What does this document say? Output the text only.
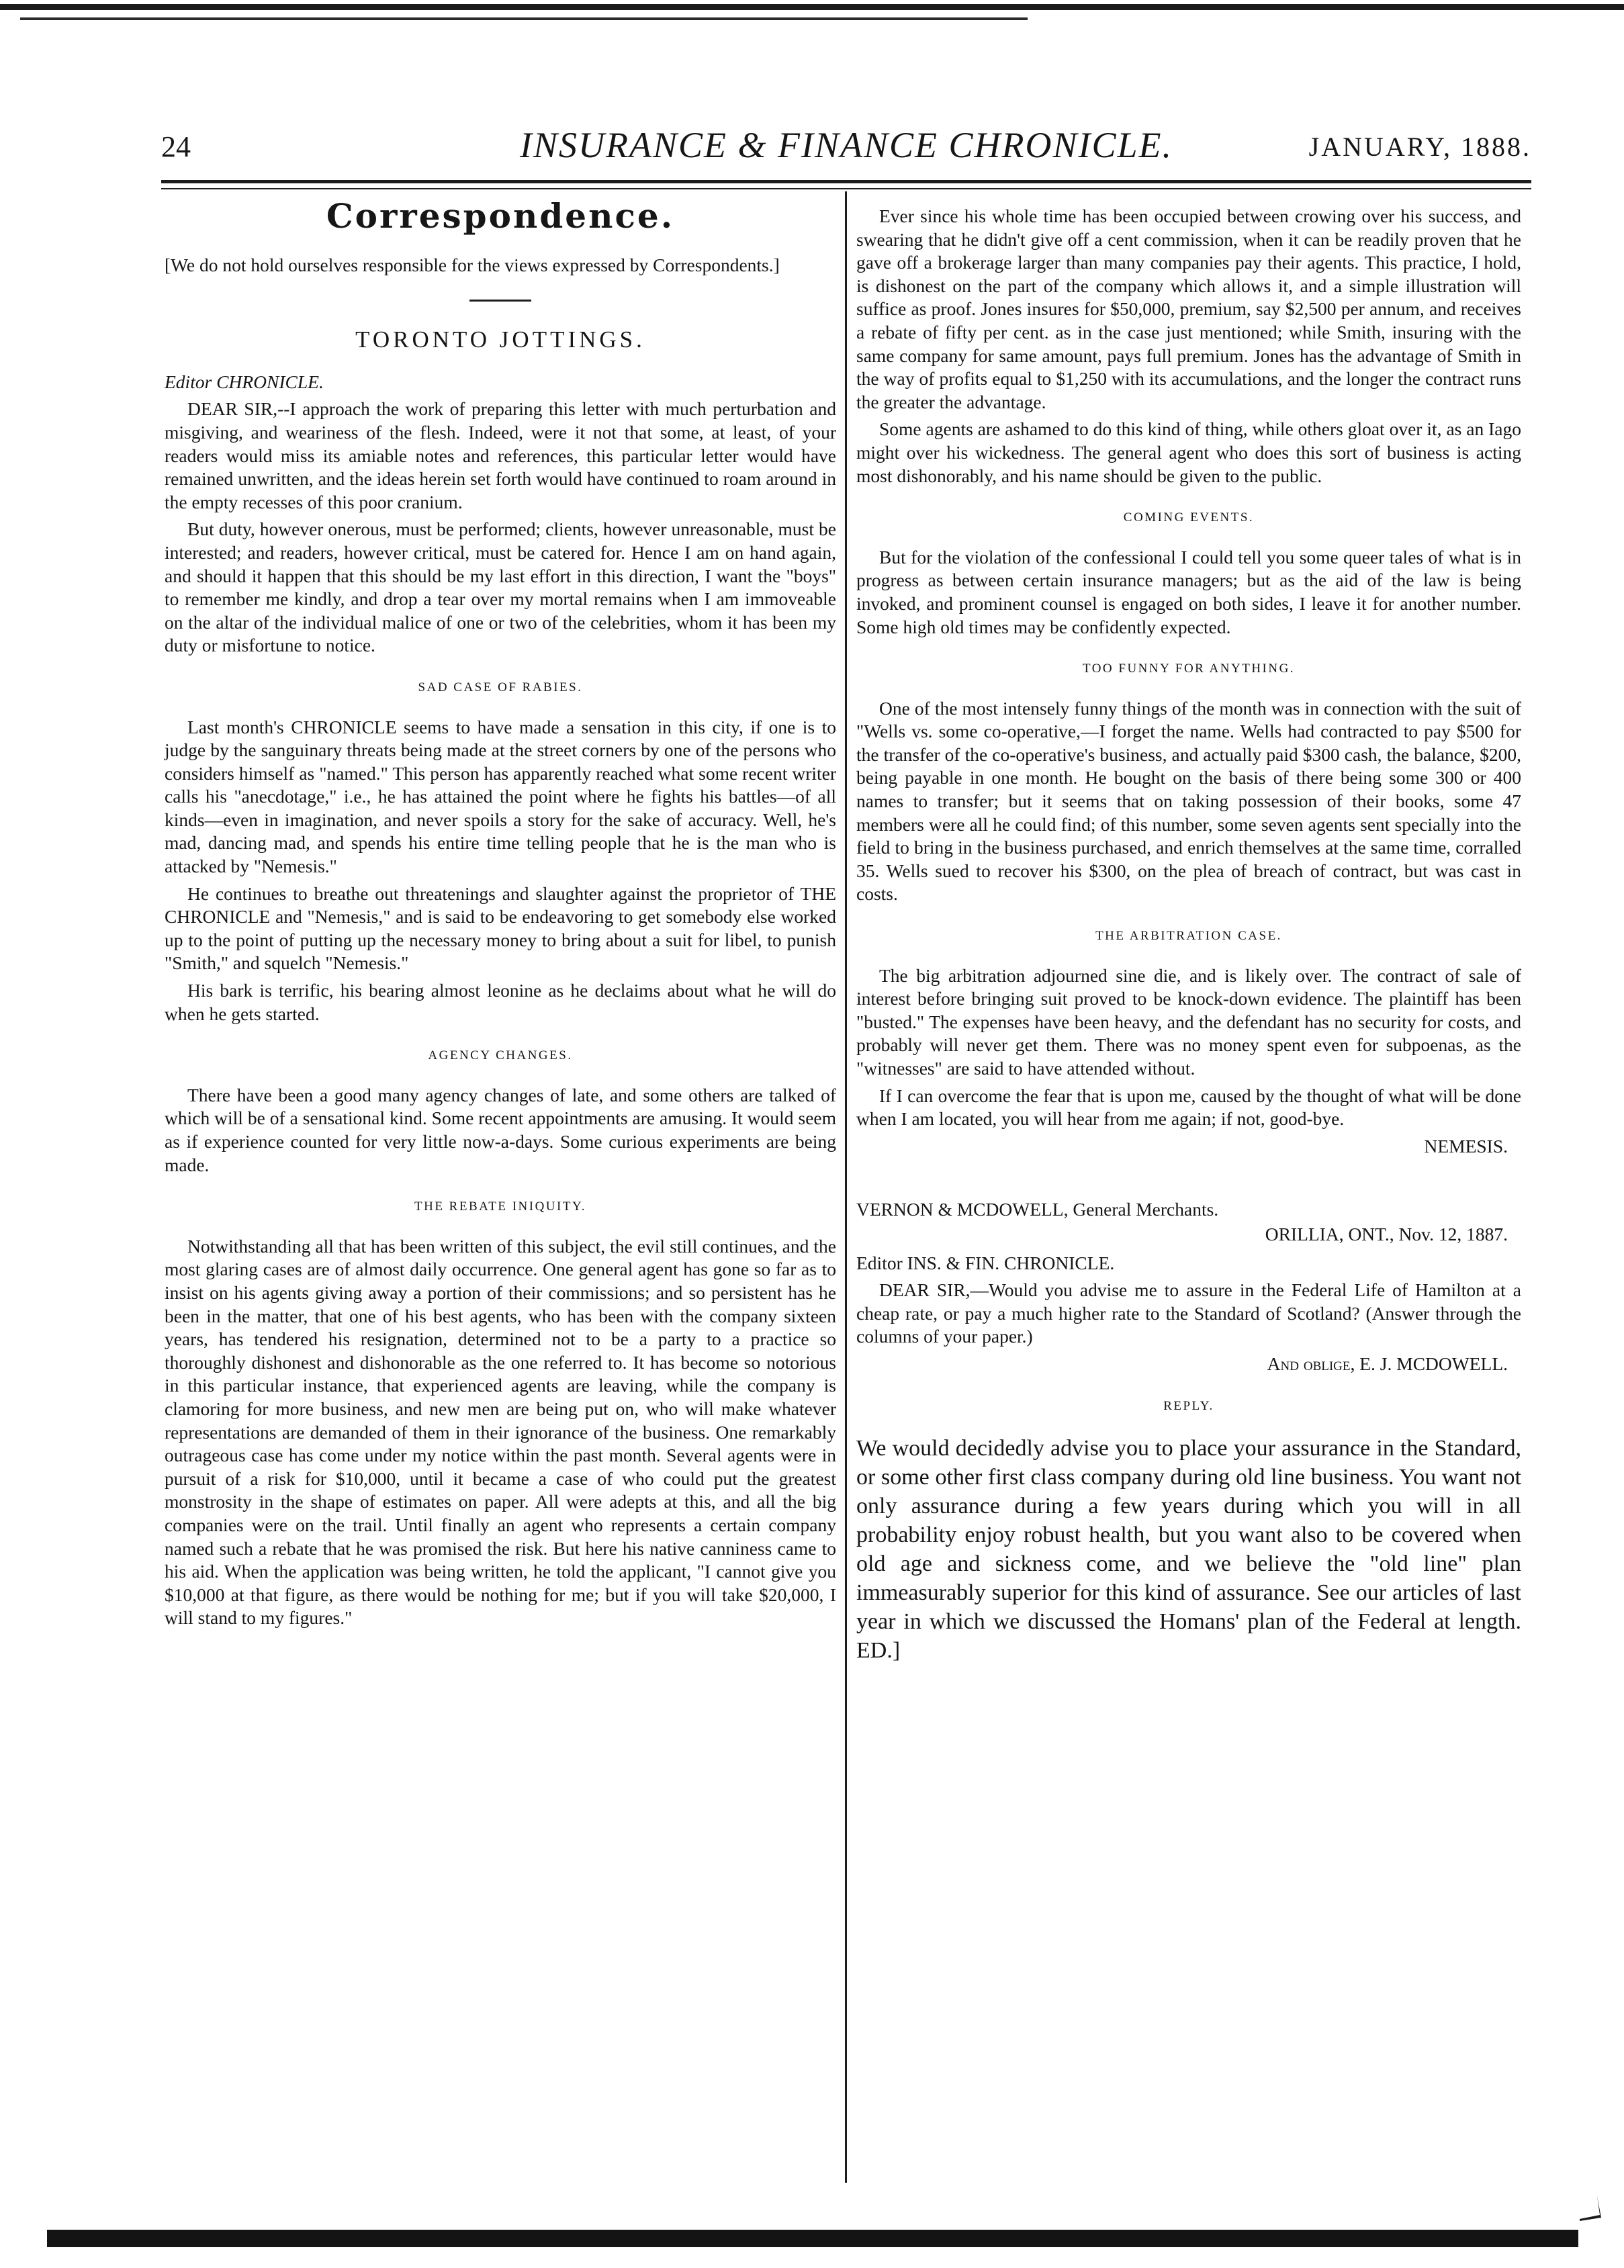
24	INSURANCE & FINANCE CHRONICLE.	JANUARY, 1888.
Correspondence.

[We do not hold ourselves responsible for the views expressed by Correspondents.]

TORONTO JOTTINGS.
Editor CHRONICLE.

DEAR SIR,--I approach the work of preparing this letter with much perturbation and misgiving, and weariness of the flesh. Indeed, were it not that some, at least, of your readers would miss its amiable notes and references, this particular letter would have remained unwritten, and the ideas herein set forth would have continued to roam around in the empty recesses of this poor cranium.

But duty, however onerous, must be performed; clients, however unreasonable, must be interested; and readers, however critical, must be catered for. Hence I am on hand again, and should it happen that this should be my last effort in this direction, I want the "boys" to remember me kindly, and drop a tear over my mortal remains when I am immoveable on the altar of the individual malice of one or two of the celebrities, whom it has been my duty or misfortune to notice.

SAD CASE OF RABIES.

Last month's CHRONICLE seems to have made a sensation in this city, if one is to judge by the sanguinary threats being made at the street corners by one of the persons who considers himself as "named." This person has apparently reached what some recent writer calls his "anecdotage," i.e., he has attained the point where he fights his battles—of all kinds—even in imagination, and never spoils a story for the sake of accuracy. Well, he's mad, dancing mad, and spends his entire time telling people that he is the man who is attacked by "Nemesis."

He continues to breathe out threatenings and slaughter against the proprietor of THE CHRONICLE and "Nemesis," and is said to be endeavoring to get somebody else worked up to the point of putting up the necessary money to bring about a suit for libel, to punish "Smith," and squelch "Nemesis."

His bark is terrific, his bearing almost leonine as he declaims about what he will do when he gets started.

AGENCY CHANGES.

There have been a good many agency changes of late, and some others are talked of which will be of a sensational kind. Some recent appointments are amusing. It would seem as if experience counted for very little now-a-days. Some curious experiments are being made.

THE REBATE INIQUITY.

Notwithstanding all that has been written of this subject, the evil still continues, and the most glaring cases are of almost daily occurrence. One general agent has gone so far as to insist on his agents giving away a portion of their commissions; and so persistent has he been in the matter, that one of his best agents, who has been with the company sixteen years, has tendered his resignation, determined not to be a party to a practice so thoroughly dishonest and dishonorable as the one referred to. It has become so notorious in this particular instance, that experienced agents are leaving, while the company is clamoring for more business, and new men are being put on, who will make whatever representations are demanded of them in their ignorance of the business. One remarkably outrageous case has come under my notice within the past month. Several agents were in pursuit of a risk for $10,000, until it became a case of who could put the greatest monstrosity in the shape of estimates on paper. All were adepts at this, and all the big companies were on the trail. Until finally an agent who represents a certain company named such a rebate that he was promised the risk. But here his native canniness came to his aid. When the application was being written, he told the applicant, "I cannot give you $10,000 at that figure, as there would be nothing for me; but if you will take $20,000, I will stand to my figures."

Ever since his whole time has been occupied between crowing over his success, and swearing that he didn't give off a cent commission, when it can be readily proven that he gave off a brokerage larger than many companies pay their agents. This practice, I hold, is dishonest on the part of the company which allows it, and a simple illustration will suffice as proof. Jones insures for $50,000, premium, say $2,500 per annum, and receives a rebate of fifty per cent. as in the case just mentioned; while Smith, insuring with the same company for same amount, pays full premium. Jones has the advantage of Smith in the way of profits equal to $1,250 with its accumulations, and the longer the contract runs the greater the advantage.

Some agents are ashamed to do this kind of thing, while others gloat over it, as an Iago might over his wickedness. The general agent who does this sort of business is acting most dishonorably, and his name should be given to the public.

COMING EVENTS.

But for the violation of the confessional I could tell you some queer tales of what is in progress as between certain insurance managers; but as the aid of the law is being invoked, and prominent counsel is engaged on both sides, I leave it for another number. Some high old times may be confidently expected.

TOO FUNNY FOR ANYTHING.

One of the most intensely funny things of the month was in connection with the suit of "Wells vs. some co-operative,—I forget the name. Wells had contracted to pay $500 for the transfer of the co-operative's business, and actually paid $300 cash, the balance, $200, being payable in one month. He bought on the basis of there being some 300 or 400 names to transfer; but it seems that on taking possession of their books, some 47 members were all he could find; of this number, some seven agents sent specially into the field to bring in the business purchased, and enrich themselves at the same time, corralled 35. Wells sued to recover his $300, on the plea of breach of contract, but was cast in costs.

THE ARBITRATION CASE.

The big arbitration adjourned sine die, and is likely over. The contract of sale of interest before bringing suit proved to be knock-down evidence. The plaintiff has been "busted." The expenses have been heavy, and the defendant has no security for costs, and probably will never get them. There was no money spent even for subpoenas, as the "witnesses" are said to have attended without.

If I can overcome the fear that is upon me, caused by the thought of what will be done when I am located, you will hear from me again; if not, good-bye.

NEMESIS.
VERNON & MCDOWELL, General Merchants.
ORILLIA, ONT., Nov. 12, 1887.
Editor INS. & FIN. CHRONICLE.

DEAR SIR,—Would you advise me to assure in the Federal Life of Hamilton at a cheap rate, or pay a much higher rate to the Standard of Scotland? (Answer through the columns of your paper.)

And oblige, E. J. MCDOWELL.
REPLY.

We would decidedly advise you to place your assurance in the Standard, or some other first class company during old line business. You want not only assurance during a few years during which you will in all probability enjoy robust health, but you want also to be covered when old age and sickness come, and we believe the "old line" plan immeasurably superior for this kind of assurance. See our articles of last year in which we discussed the Homans' plan of the Federal at length. ED.]
